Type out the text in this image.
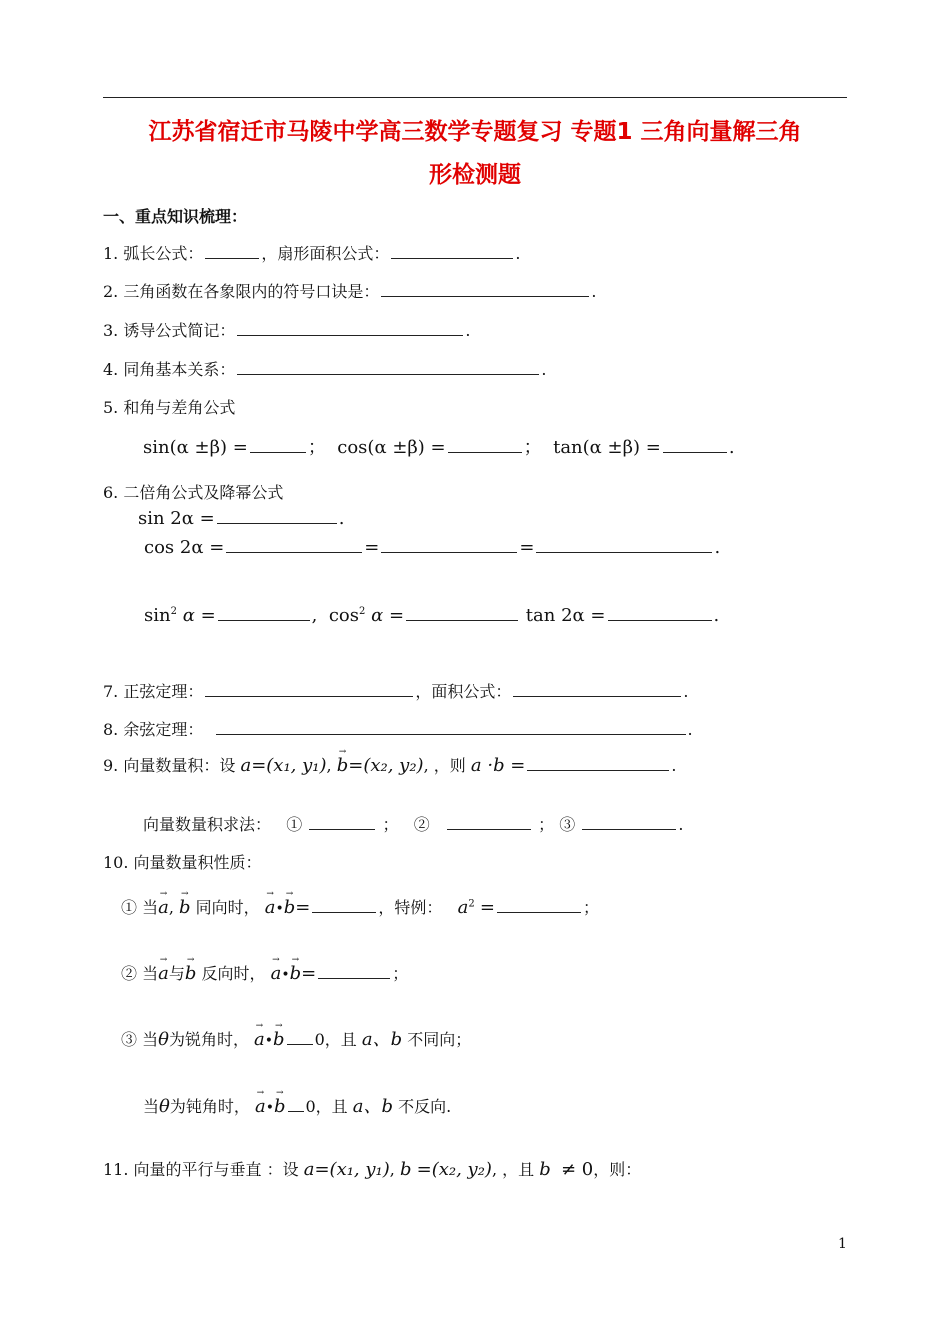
江苏省宿迁市马陵中学高三数学专题复习 专题1 三角向量解三角
形检测题
一、重点知识梳理：
1. 弧长公式：	，扇形面积公式：	.
2. 三角函数在各象限内的符号口诀是：	.
3. 诱导公式简记：	.
4. 同角基本关系：	.
5. 和角与差角公式
sin(α ±β) =	； cos(α ±β) =	； tan(α ±β) =	.
6. 二倍角公式及降幂公式
sin 2α =	.
cos 2α =	=	=	.
$\sin^2 \alpha$ =	, $\cos^2 \alpha$ =	tan 2α =	.
7. 正弦定理：	，面积公式：	.
8. 余弦定理：	.
9. 向量数量积：设 a=(x₁, y₁),
→
b=(x₂, y₂), ，则 a ·b =	.
向量数量积求法： ①	； ②	； ③	.
10. 向量数量积性质：
① 当
→
a,
→
b 同向时，
→
a•
→
b=	，特例： $a^2$ =	；
② 当
→
a与
→
b 反向时，
→
a•
→
b=	；
③ 当θ为锐角时，
→
a•
→
b 0，且 a、b 不同向；
当θ为钝角时，
→
a•
→
b 0，且 a、b 不反向.
11. 向量的平行与垂直 ：设 a=(x₁, y₁), b =(x₂, y₂), ，且 b ≠ 0，则：
1
